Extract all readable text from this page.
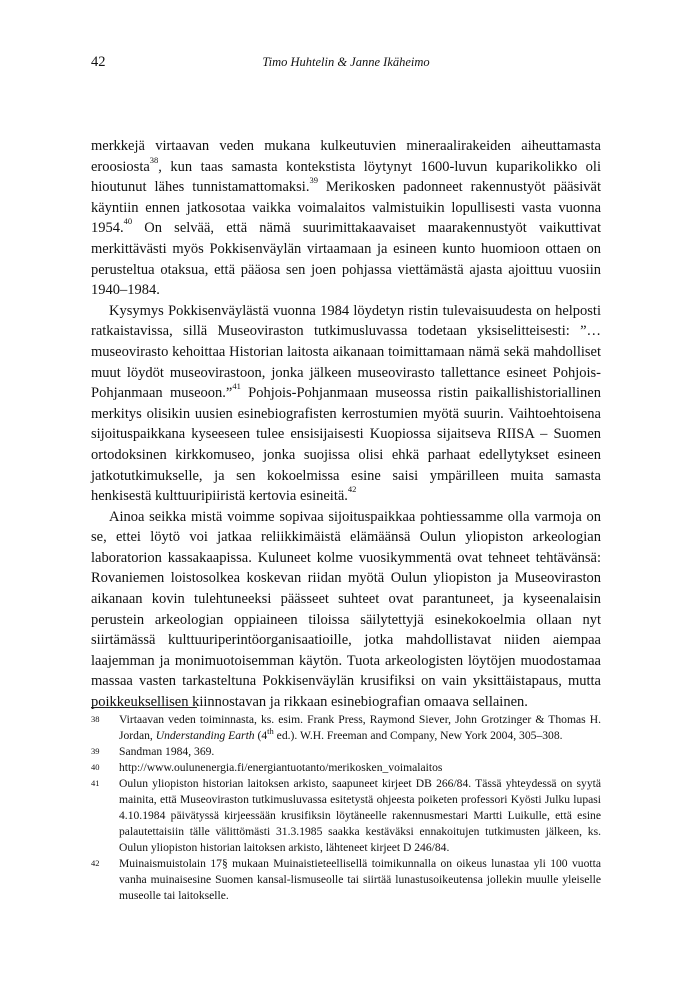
42	Timo Huhtelin & Janne Ikäheimo

merkkejä virtaavan veden mukana kulkeutuvien mineraalirakeiden aiheuttamasta eroosiosta$^{38}$, kun taas samasta kontekstista löytynyt 1600-luvun kuparikolikko oli hioutunut lähes tunnistamattomaksi.$^{39}$ Merikosken padonneet rakennustyöt pääsivät käyntiin ennen jatkosotaa vaikka voimalaitos valmistuikin lopullisesti vasta vuonna 1954.40 On selvää, että nämä suurimittakaavaiset maarakennustyöt vaikuttivat merkittävästi myös Pokkisenväylän virtaamaan ja esineen kunto huomioon ottaen on perusteltua otaksua, että pääosa sen joen pohjassa viettämästä ajasta ajoittuu vuosiin 1940–1984.

Kysymys Pokkisenväylästä vuonna 1984 löydetyn ristin tulevaisuudesta on helposti ratkaistavissa, sillä Museoviraston tutkimusluvassa todetaan yksiselitteisesti: ”…museovirasto kehoittaa Historian laitosta aikanaan toimittamaan nämä sekä mahdolliset muut löydöt museovirastoon, jonka jälkeen museovirasto tallettance esineet Pohjois-Pohjanmaan museoon.”$^{41}$ Pohjois-Pohjanmaan museossa ristin paikallishistoriallinen merkitys olisikin uusien esinebiografisten kerrostumien myötä suurin. Vaihtoehtoisena sijoituspaikkana kyseeseen tulee ensisijaisesti Kuopiossa sijaitseva RIISA – Suomen ortodoksinen kirkkomuseo, jonka suojissa olisi ehkä parhaat edellytykset esineen jatkotutkimukselle, ja sen kokoelmissa esine saisi ympärilleen muita samasta henkisestä kulttuuripiiristä kertovia esineitä.$^{42}$

Ainoa seikka mistä voimme sopivaa sijoituspaikkaa pohtiessamme olla varmoja on se, ettei löytö voi jatkaa reliikkimäistä elämäänsä Oulun yliopiston arkeologian laboratorion kassakaapissa. Kuluneet kolme vuosikymmentä ovat tehneet tehtävänsä: Rovaniemen loistosolkea koskevan riidan myötä Oulun yliopiston ja Museoviraston aikanaan kovin tulehtuneeksi päässeet suhteet ovat parantuneet, ja kyseenalaisin perustein arkeologian oppiaineen tiloissa säilytettyjä esinekokoelmia ollaan nyt siirtämässä kulttuuriperintöorganisaatioille, jotka mahdollistavat niiden aiempaa laajemman ja monimuotoisemman käytön. Tuota arkeologisten löytöjen muodostamaa massaa vasten tarkasteltuna Pokkisenväylän krusifiksi on vain yksittäistapaus, mutta poikkeuksellisen kiinnostavan ja rikkaan esinebiografian omaava sellainen.

38 Virtaavan veden toiminnasta, ks. esim. Frank Press, Raymond Siever, John Grotzinger & Thomas H. Jordan, Understanding Earth (4th ed.). W.H. Freeman and Company, New York 2004, 305–308.
39 Sandman 1984, 369.
40 http://www.oulunenergia.fi/energiantuotanto/merikosken_voimalaitos
41 Oulun yliopiston historian laitoksen arkisto, saapuneet kirjeet DB 266/84. Tässä yhteydessä on syytä mainita, että Museoviraston tutkimusluvassa esitetystä ohjeesta poiketen professori Kyösti Julku lupasi 4.10.1984 päivätyssä kirjeessään krusifiksin löytäneelle rakennusmestari Martti Luikulle, että esine palautettaisiin tälle välittömästi 31.3.1985 saakka kestäväksi ennakoitujen tutkimusten jälkeen, ks. Oulun yliopiston historian laitoksen arkisto, lähteneet kirjeet D 246/84.
42 Muinaismuistolain 17§ mukaan Muinaistieteellisellä toimikunnalla on oikeus lunastaa yli 100 vuotta vanha muinaisesine Suomen kansal-lismuseolle tai siirtää lunastusoikeutensa jollekin muulle yleiselle museolle tai laitokselle.
